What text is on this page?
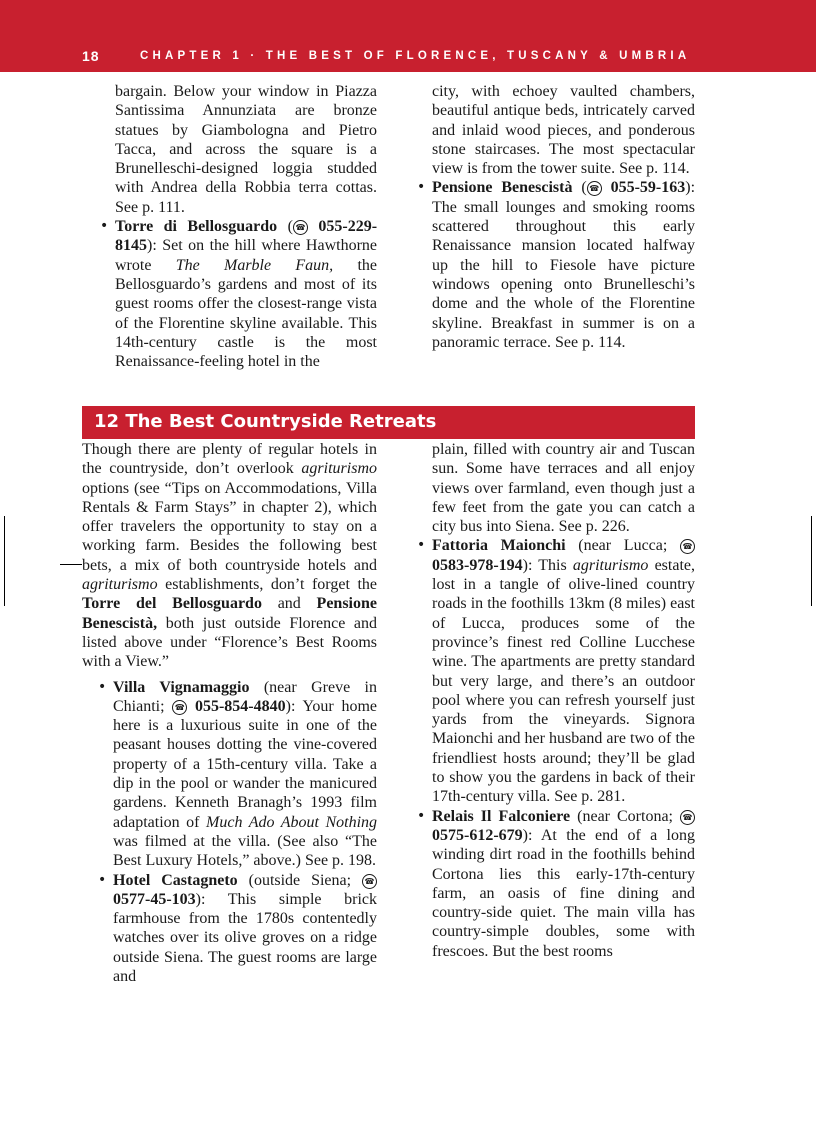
18	CHAPTER 1 · THE BEST OF FLORENCE, TUSCANY & UMBRIA

bargain. Below your window in Piazza Santissima Annunziata are bronze statues by Giambologna and Pietro Tacca, and across the square is a Brunelleschi-designed loggia studded with Andrea della Robbia terra cottas. See p. 111.

• Torre di Bellosguardo ( ☎ 055-229-8145): Set on the hill where Hawthorne wrote The Marble Faun, the Bellosguardo’s gardens and most of its guest rooms offer the closest-range vista of the Florentine skyline available. This 14th-century castle is the most Renaissance-feeling hotel in the

city, with echoey vaulted chambers, beautiful antique beds, intricately carved and inlaid wood pieces, and ponderous stone staircases. The most spectacular view is from the tower suite. See p. 114.

• Pensione Benescistà ( ☎ 055-59-163): The small lounges and smoking rooms scattered throughout this early Renaissance mansion located halfway up the hill to Fiesole have picture windows opening onto Brunelleschi’s dome and the whole of the Florentine skyline. Breakfast in summer is on a panoramic terrace. See p. 114.

12 The Best Countryside Retreats

Though there are plenty of regular hotels in the countryside, don’t overlook agriturismo options (see “Tips on Accommodations, Villa Rentals & Farm Stays” in chapter 2), which offer travelers the opportunity to stay on a working farm. Besides the following best bets, a mix of both countryside hotels and agriturismo establishments, don’t forget the Torre del Bellosguardo and Pensione Benescistà, both just outside Florence and listed above under “Florence’s Best Rooms with a View.”

• Villa Vignamaggio (near Greve in Chianti; ☎ 055-854-4840): Your home here is a luxurious suite in one of the peasant houses dotting the vine-covered property of a 15th-century villa. Take a dip in the pool or wander the manicured gardens. Kenneth Branagh’s 1993 film adaptation of Much Ado About Nothing was filmed at the villa. (See also “The Best Luxury Hotels,” above.) See p. 198.

• Hotel Castagneto (outside Siena; ☎ 0577-45-103): This simple brick farmhouse from the 1780s contentedly watches over its olive groves on a ridge outside Siena. The guest rooms are large and

plain, filled with country air and Tuscan sun. Some have terraces and all enjoy views over farmland, even though just a few feet from the gate you can catch a city bus into Siena. See p. 226.

• Fattoria Maionchi (near Lucca; ☎ 0583-978-194): This agriturismo estate, lost in a tangle of olive-lined country roads in the foothills 13km (8 miles) east of Lucca, produces some of the province’s finest red Colline Lucchese wine. The apartments are pretty standard but very large, and there’s an outdoor pool where you can refresh yourself just yards from the vineyards. Signora Maionchi and her husband are two of the friendliest hosts around; they’ll be glad to show you the gardens in back of their 17th-century villa. See p. 281.

• Relais Il Falconiere (near Cortona; ☎ 0575-612-679): At the end of a long winding dirt road in the foothills behind Cortona lies this early-17th-century farm, an oasis of fine dining and country-side quiet. The main villa has country-simple doubles, some with frescoes. But the best rooms
